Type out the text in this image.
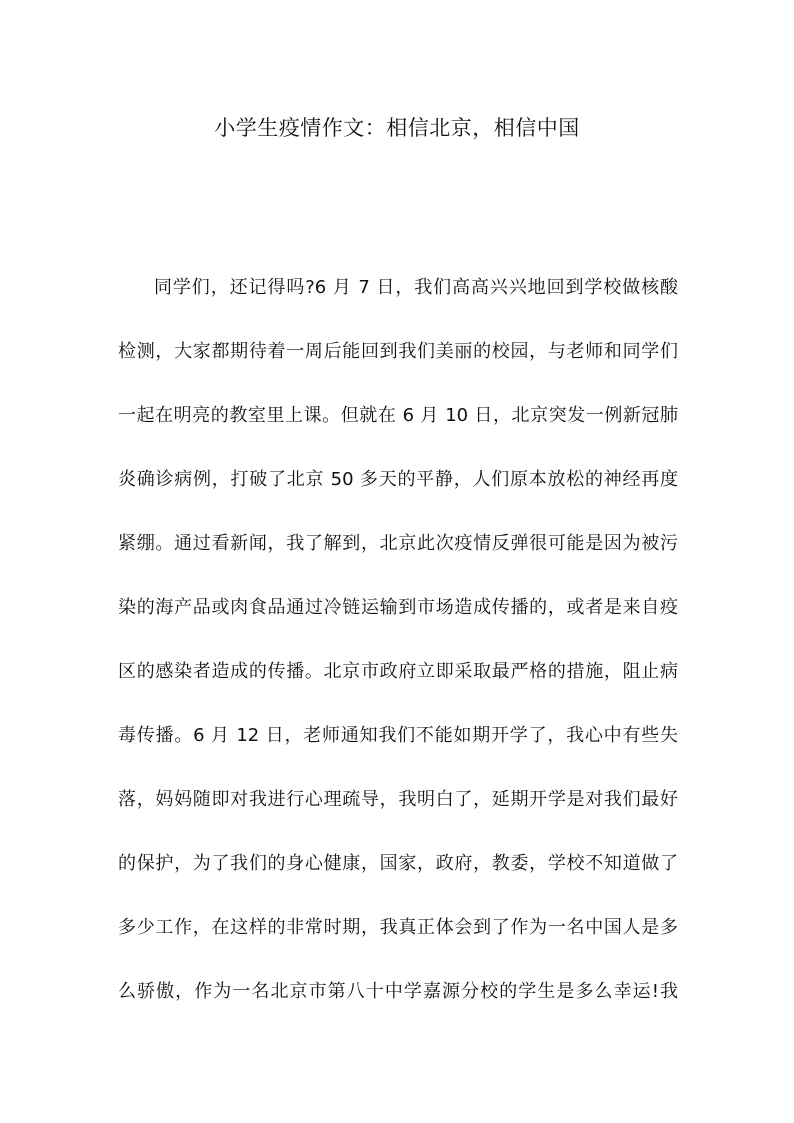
小学生疫情作文：相信北京，相信中国
同学们，还记得吗?6 月 7 日，我们高高兴兴地回到学校做核酸
检测，大家都期待着一周后能回到我们美丽的校园，与老师和同学们
一起在明亮的教室里上课。但就在 6 月 10 日，北京突发一例新冠肺
炎确诊病例，打破了北京 50 多天的平静，人们原本放松的神经再度
紧绷。通过看新闻，我了解到，北京此次疫情反弹很可能是因为被污
染的海产品或肉食品通过冷链运输到市场造成传播的，或者是来自疫
区的感染者造成的传播。北京市政府立即采取最严格的措施，阻止病
毒传播。6 月 12 日，老师通知我们不能如期开学了，我心中有些失
落，妈妈随即对我进行心理疏导，我明白了，延期开学是对我们最好
的保护，为了我们的身心健康，国家，政府，教委，学校不知道做了
多少工作，在这样的非常时期，我真正体会到了作为一名中国人是多
么骄傲，作为一名北京市第八十中学嘉源分校的学生是多么幸运!我
